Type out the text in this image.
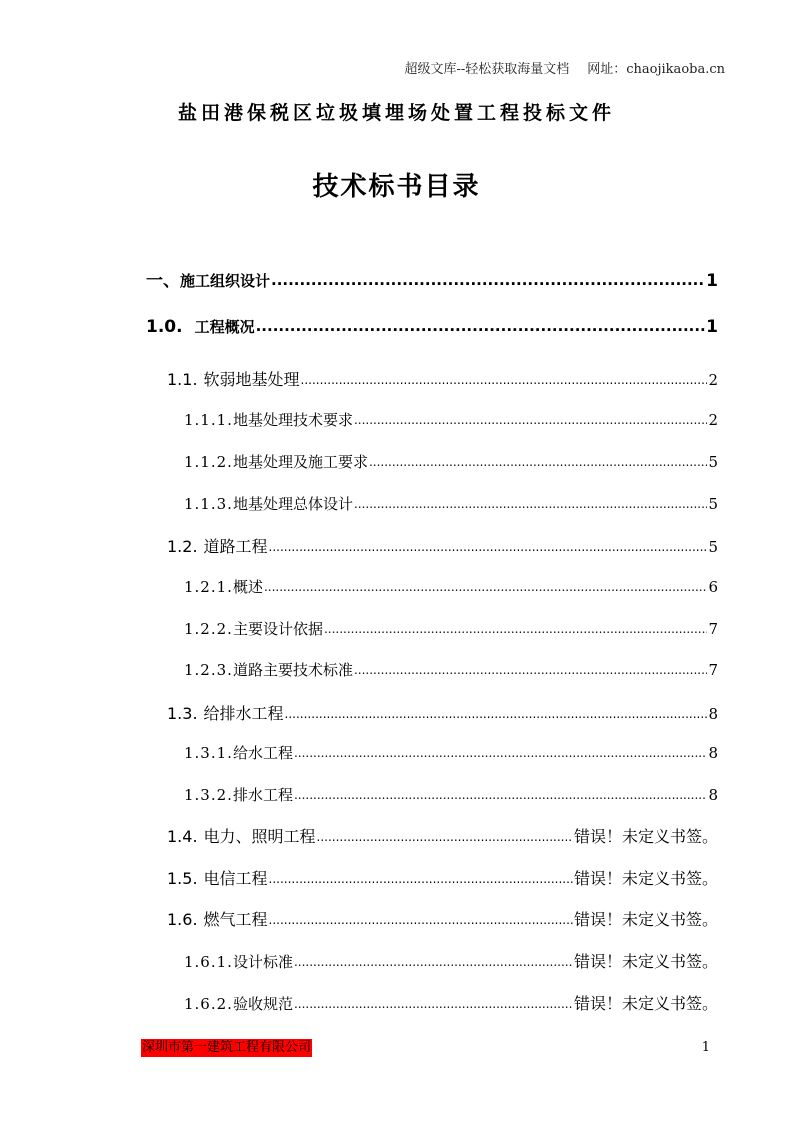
超级文库--轻松获取海量文档 网址：chaojikaoba.cn
盐田港保税区垃圾填埋场处置工程投标文件
技术标书目录
一、 施工组织设计 .....	1
1.0. 工程概况 .....	1
1.1. 软弱地基处理 .....	2
1.1.1. 地基处理技术要求 .....	2
1.1.2. 地基处理及施工要求 .....	5
1.1.3. 地基处理总体设计 .....	5
1.2. 道路工程 .....	5
1.2.1. 概述 .....	6
1.2.2. 主要设计依据 .....	7
1.2.3. 道路主要技术标准 .....	7
1.3. 给排水工程 .....	8
1.3.1. 给水工程 .....	8
1.3.2. 排水工程 .....	8
1.4. 电力、照明工程 .....	错误！未定义书签。
1.5. 电信工程 .....	错误！未定义书签。
1.6. 燃气工程 .....	错误！未定义书签。
1.6.1. 设计标准 .....	错误！未定义书签。
1.6.2. 验收规范 .....	错误！未定义书签。
深圳市第一建筑工程有限公司	1
